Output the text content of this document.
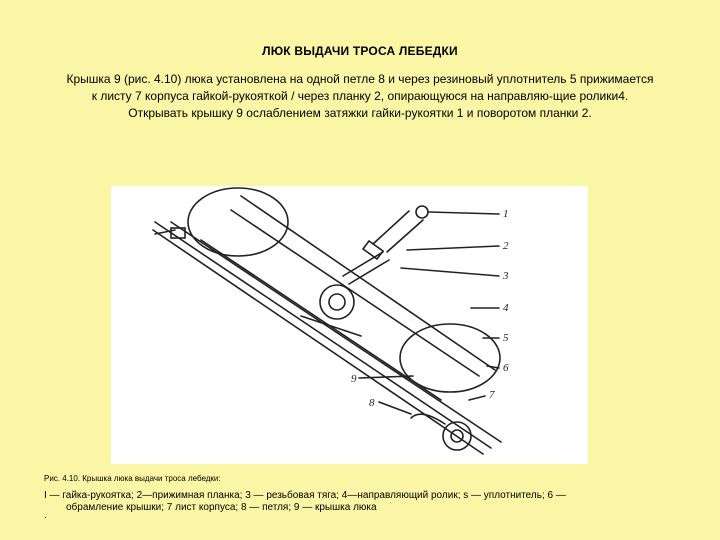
ЛЮК ВЫДАЧИ ТРОСА ЛЕБЕДКИ
Крышка 9 (рис. 4.10) люка установлена на одной петле 8 и через резиновый уплотнитель 5 прижимается
к листу 7 корпуса гайкой-рукояткой / через планку 2, опирающуюся на направляю-щие ролики4.
Открывать крышку 9 ослаблением затяжки гайки-рукоятки 1 и поворотом планки 2.
1
2
3
4
5
6
7
9
8
Рис. 4.10. Крышка люка выдачи троса лебедки:
I — гайка-рукоятка; 2—прижимная планка; 3 — резьбовая тяга; 4—направляющий ролик; s — уплотнитель; 6 —
обрамление крышки; 7 лист корпуса; 8 — петля; 9 — крышка люка
.
